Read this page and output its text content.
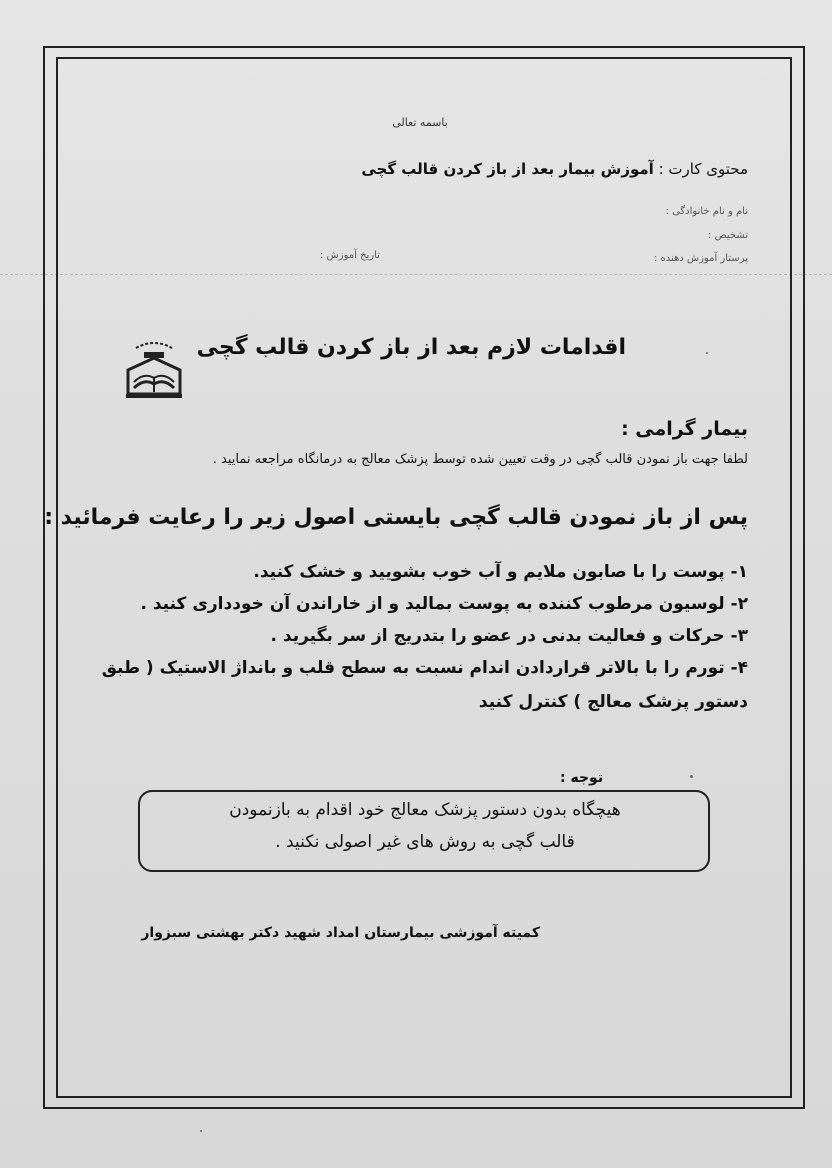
باسمه تعالی
محتوی کارت : آموزش بیمار بعد از باز کردن قالب گچی
نام و نام خانوادگی :
تشخیص :
پرستار آموزش دهنده :
تاریخ آموزش :
اقدامات لازم بعد از باز کردن قالب گچی
بیمار گرامی :
لطفا جهت باز نمودن قالب گچی در وقت تعیین شده توسط پزشک معالج به درمانگاه مراجعه نمایید .
پس از باز نمودن قالب گچی بایستی اصول زیر را رعایت فرمائید :
۱- پوست را با صابون ملایم و آب خوب بشویید و خشک کنید.
۲- لوسیون مرطوب کننده به پوست بمالید و از خاراندن آن خودداری کنید .
۳- حرکات و فعالیت بدنی در عضو را بتدریج از سر بگیرید .
۴- تورم را با بالاتر قراردادن اندام نسبت به سطح قلب و بانداژ الاستیک ( طبق
دستور پزشک معالج ) کنترل کنید
توجه :
هیچگاه بدون دستور پزشک معالج خود اقدام به بازنمودن
قالب گچی به روش های غیر اصولی نکنید .
کمیته آموزشی بیمارستان امداد شهید دکتر بهشتی سبزوار
